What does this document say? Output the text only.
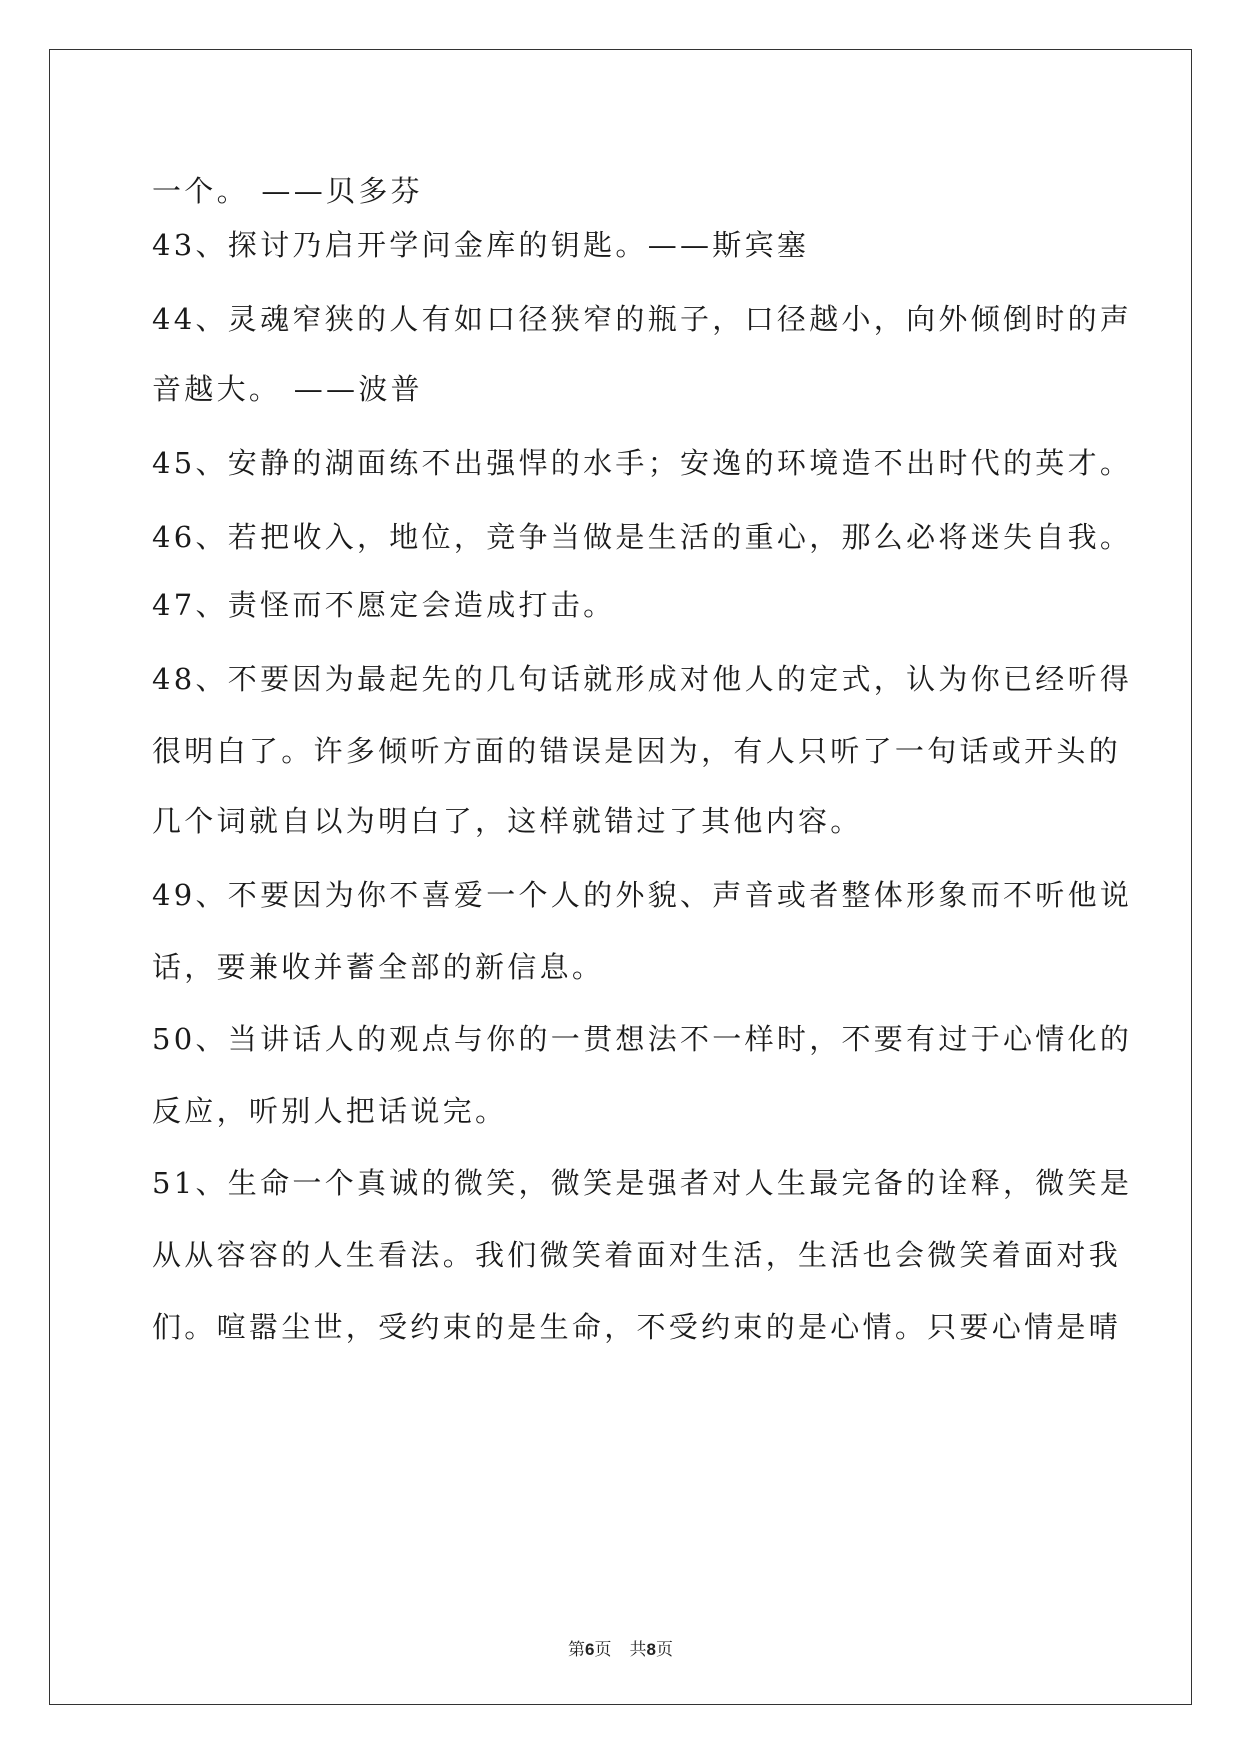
一个。 ——贝多芬
43、探讨乃启开学问金库的钥匙。——斯宾塞
44、灵魂窄狭的人有如口径狭窄的瓶子，口径越小，向外倾倒时的声
音越大。 ——波普
45、安静的湖面练不出强悍的水手；安逸的环境造不出时代的英才。
46、若把收入，地位，竞争当做是生活的重心，那么必将迷失自我。
47、责怪而不愿定会造成打击。
48、不要因为最起先的几句话就形成对他人的定式，认为你已经听得
很明白了。许多倾听方面的错误是因为，有人只听了一句话或开头的
几个词就自以为明白了，这样就错过了其他内容。
49、不要因为你不喜爱一个人的外貌、声音或者整体形象而不听他说
话，要兼收并蓄全部的新信息。
50、当讲话人的观点与你的一贯想法不一样时，不要有过于心情化的
反应，听别人把话说完。
51、生命一个真诚的微笑，微笑是强者对人生最完备的诠释，微笑是
从从容容的人生看法。我们微笑着面对生活，生活也会微笑着面对我
们。喧嚣尘世，受约束的是生命，不受约束的是心情。只要心情是晴
第6页 共8页
